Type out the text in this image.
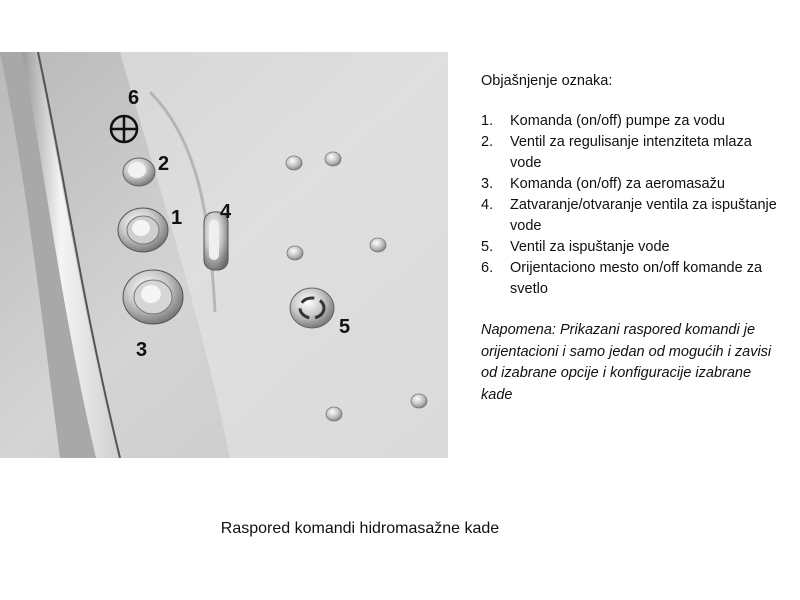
6
2
1 4
5
3
Objašnjenje oznaka:
1.	Komanda (on/off) pumpe za vodu
2.	Ventil za regulisanje intenziteta mlaza vode
3.	Komanda (on/off) za aeromasažu
4.	Zatvaranje/otvaranje ventila za ispuštanje vode
5.	Ventil za ispuštanje vode
6.	Orijentaciono mesto on/off komande za svetlo
Napomena: Prikazani raspored komandi je orijentacioni i samo jedan od mogućih i zavisi od izabrane opcije i konfiguracije izabrane kade
Raspored komandi hidromasažne kade
